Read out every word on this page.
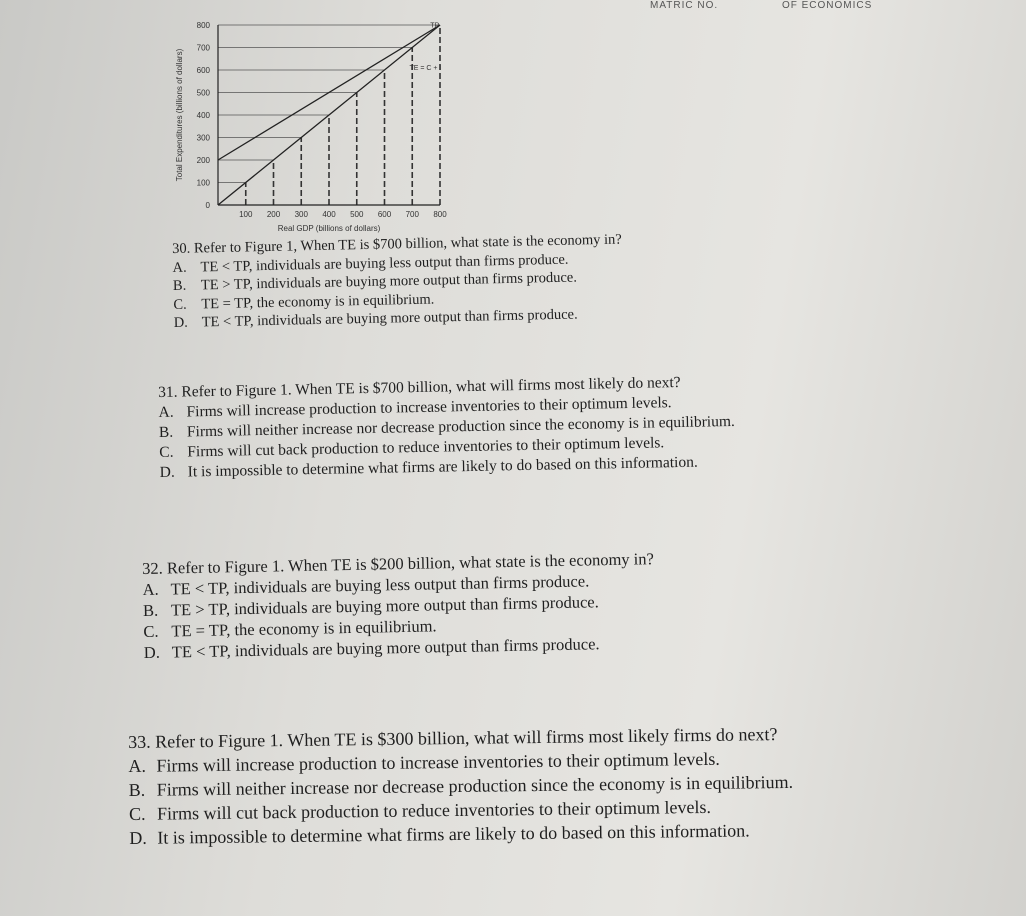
MATRIC NO.	OF ECONOMICS
TP
TE = C + I
0
100
200
300
400
500
600
700
800
100 200 300 400 500 600 700 800
Real GDP (billions of dollars)
Total Expenditures (billions of dollars)
30. Refer to Figure 1, When TE is $700 billion, what state is the economy in?
A. TE < TP, individuals are buying less output than firms produce.
B. TE > TP, individuals are buying more output than firms produce.
C. TE = TP, the economy is in equilibrium.
D. TE < TP, individuals are buying more output than firms produce.
31. Refer to Figure 1. When TE is $700 billion, what will firms most likely do next?
A. Firms will increase production to increase inventories to their optimum levels.
B. Firms will neither increase nor decrease production since the economy is in equilibrium.
C. Firms will cut back production to reduce inventories to their optimum levels.
D. It is impossible to determine what firms are likely to do based on this information.
32. Refer to Figure 1. When TE is $200 billion, what state is the economy in?
A. TE < TP, individuals are buying less output than firms produce.
B. TE > TP, individuals are buying more output than firms produce.
C. TE = TP, the economy is in equilibrium.
D. TE < TP, individuals are buying more output than firms produce.
33. Refer to Figure 1. When TE is $300 billion, what will firms most likely firms do next?
A. Firms will increase production to increase inventories to their optimum levels.
B. Firms will neither increase nor decrease production since the economy is in equilibrium.
C. Firms will cut back production to reduce inventories to their optimum levels.
D. It is impossible to determine what firms are likely to do based on this information.
